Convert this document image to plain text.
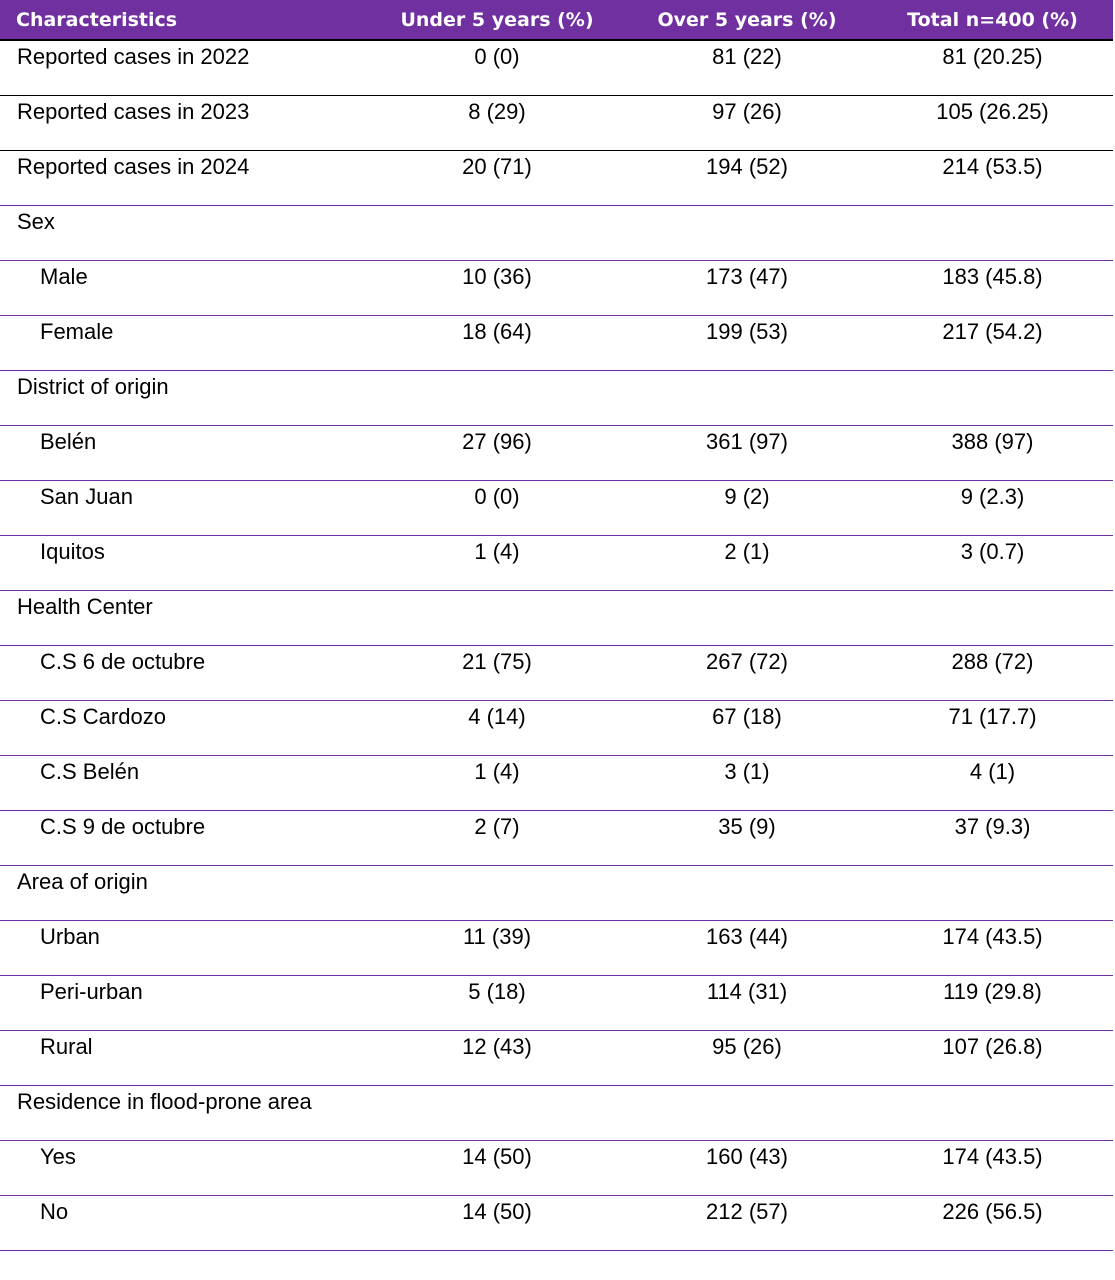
Characteristics	Under 5 years (%)	Over 5 years (%)	Total n=400 (%)
Reported cases in 2022	0 (0)	81 (22)	81 (20.25)
Reported cases in 2023	8 (29)	97 (26)	105 (26.25)
Reported cases in 2024	20 (71)	194 (52)	214 (53.5)
Sex			
Male	10 (36)	173 (47)	183 (45.8)
Female	18 (64)	199 (53)	217 (54.2)
District of origin			
Belén	27 (96)	361 (97)	388 (97)
San Juan	0 (0)	9 (2)	9 (2.3)
Iquitos	1 (4)	2 (1)	3 (0.7)
Health Center			
C.S 6 de octubre	21 (75)	267 (72)	288 (72)
C.S Cardozo	4 (14)	67 (18)	71 (17.7)
C.S Belén	1 (4)	3 (1)	4 (1)
C.S 9 de octubre	2 (7)	35 (9)	37 (9.3)
Area of origin			
Urban	11 (39)	163 (44)	174 (43.5)
Peri-urban	5 (18)	114 (31)	119 (29.8)
Rural	12 (43)	95 (26)	107 (26.8)
Residence in flood-prone area			
Yes	14 (50)	160 (43)	174 (43.5)
No	14 (50)	212 (57)	226 (56.5)
